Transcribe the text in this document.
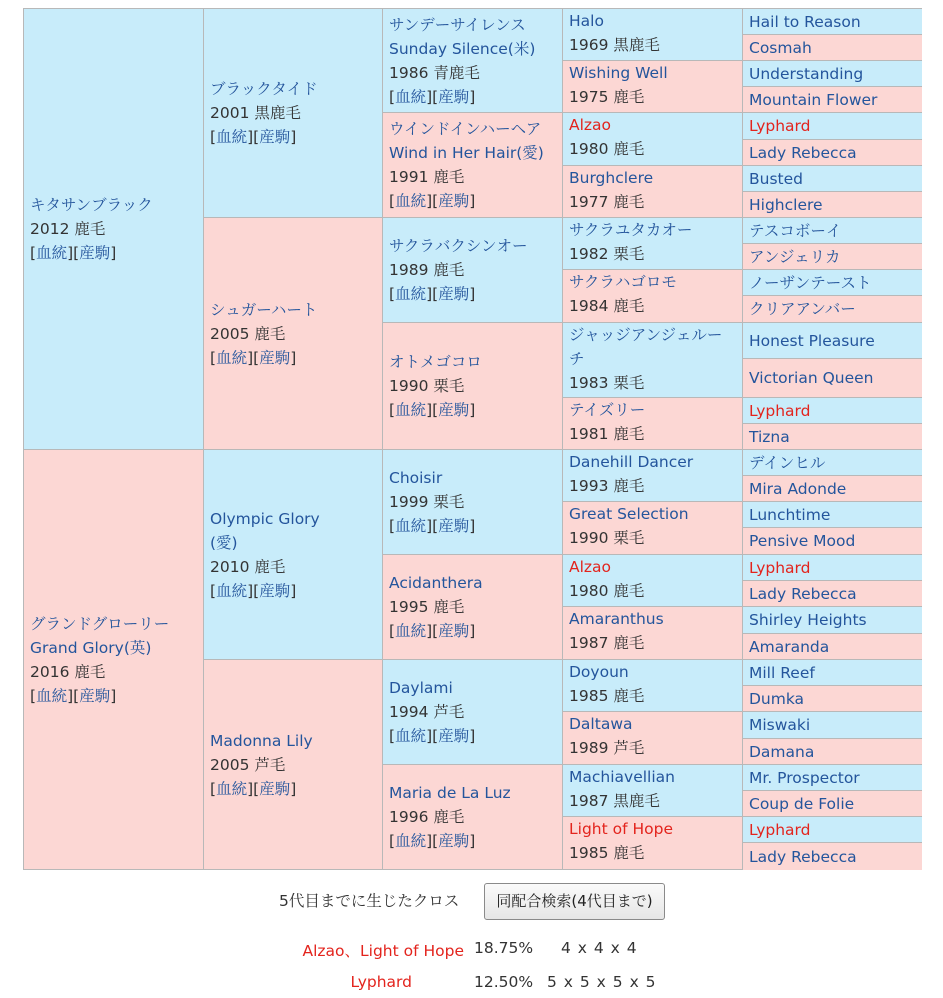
キタサンブラック
2012 鹿毛
[血統][産駒]
グランドグローリー
Grand Glory(英)
2016 鹿毛
[血統][産駒]
ブラックタイド
2001 黒鹿毛
[血統][産駒]
シュガーハート
2005 鹿毛
[血統][産駒]
Olympic Glory
(愛)
2010 鹿毛
[血統][産駒]
Madonna Lily
2005 芦毛
[血統][産駒]
サンデーサイレンス
Sunday Silence(米)
1986 青鹿毛
[血統][産駒]
ウインドインハーヘア
Wind in Her Hair(愛)
1991 鹿毛
[血統][産駒]
サクラバクシンオー
1989 鹿毛
[血統][産駒]
オトメゴコロ
1990 栗毛
[血統][産駒]
Choisir
1999 栗毛
[血統][産駒]
Acidanthera
1995 鹿毛
[血統][産駒]
Daylami
1994 芦毛
[血統][産駒]
Maria de La Luz
1996 鹿毛
[血統][産駒]
Halo
1969 黒鹿毛
Wishing Well
1975 鹿毛
Alzao
1980 鹿毛
Burghclere
1977 鹿毛
サクラユタカオー
1982 栗毛
サクラハゴロモ
1984 鹿毛
ジャッジアンジェルー
チ
1983 栗毛
テイズリー
1981 鹿毛
Danehill Dancer
1993 鹿毛
Great Selection
1990 栗毛
Alzao
1980 鹿毛
Amaranthus
1987 鹿毛
Doyoun
1985 鹿毛
Daltawa
1989 芦毛
Machiavellian
1987 黒鹿毛
Light of Hope
1985 鹿毛
Hail to Reason
Cosmah
Understanding
Mountain Flower
Lyphard
Lady Rebecca
Busted
Highclere
テスコボーイ
アンジェリカ
ノーザンテースト
クリアアンバー
Honest Pleasure
Victorian Queen
Lyphard
Tizna
デインヒル
Mira Adonde
Lunchtime
Pensive Mood
Lyphard
Lady Rebecca
Shirley Heights
Amaranda
Mill Reef
Dumka
Miswaki
Damana
Mr. Prospector
Coup de Folie
Lyphard
Lady Rebecca
5代目までに生じたクロス	同配合検索(4代目まで)
Alzao、Light of Hope 18.75% 4 x 4 x 4
Lyphard	12.50% 5 x 5 x 5 x 5
